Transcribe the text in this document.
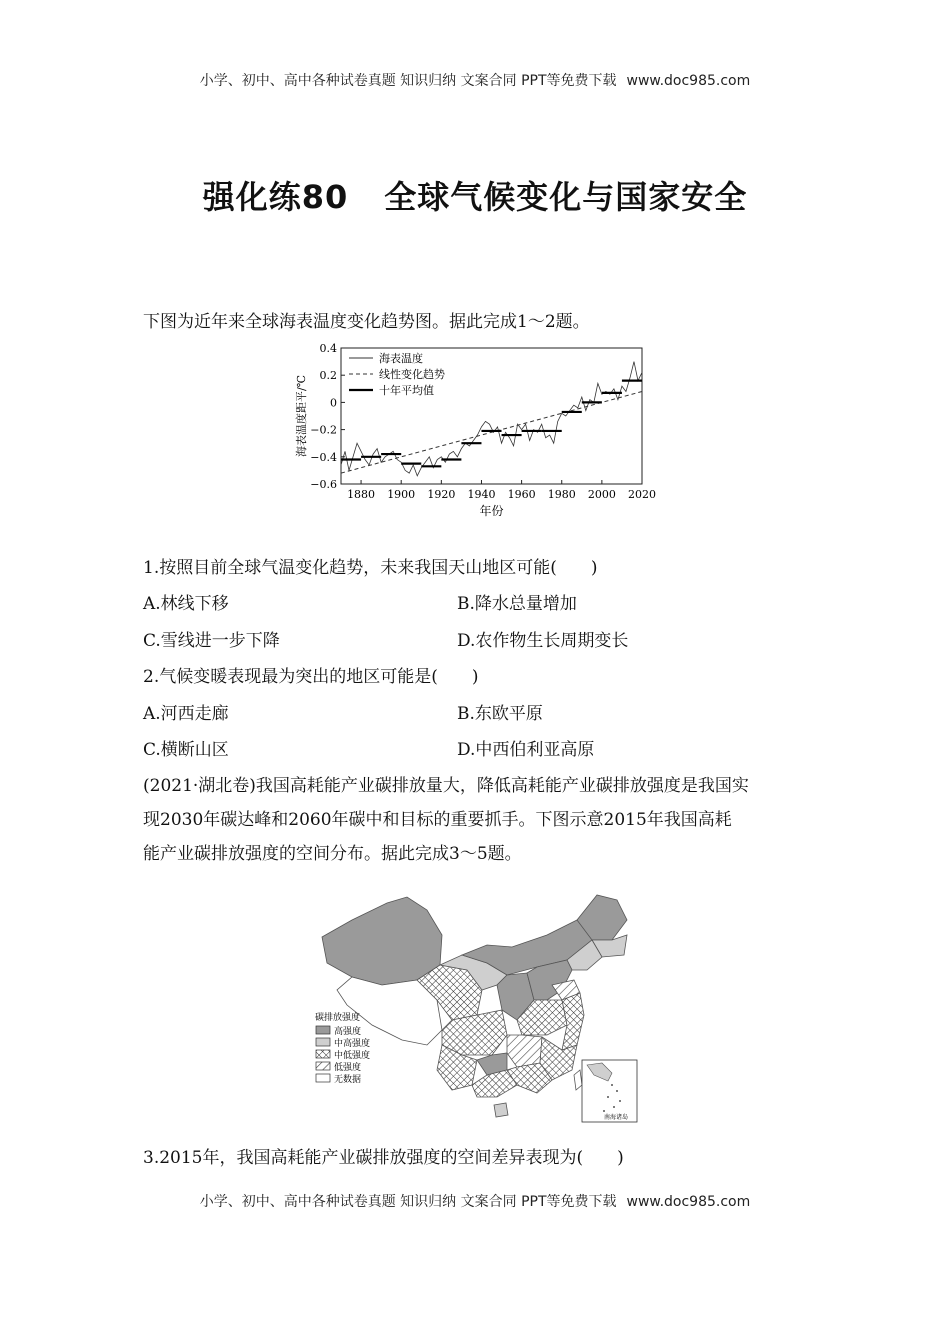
小学、初中、高中各种试卷真题 知识归纳 文案合同 PPT等免费下载 www.doc985.com
强化练80 全球气候变化与国家安全
下图为近年来全球海表温度变化趋势图。据此完成1～2题。
0.4
0.2
0
−0.2
−0.4
−0.6
1880 1900 1920 1940 1960 1980 2000 2020
年份
海表温度距平/℃
海表温度
线性变化趋势
十年平均值
1.按照目前全球气温变化趋势，未来我国天山地区可能(　　)
A.林线下移	B.降水总量增加
C.雪线进一步下降	D.农作物生长周期变长
2.气候变暖表现最为突出的地区可能是(　　)
A.河西走廊	B.东欧平原
C.横断山区	D.中西伯利亚高原
(2021·湖北卷)我国高耗能产业碳排放量大，降低高耗能产业碳排放强度是我国实
现2030年碳达峰和2060年碳中和目标的重要抓手。下图示意2015年我国高耗
能产业碳排放强度的空间分布。据此完成3～5题。
碳排放强度
高强度
中高强度
中低强度
低强度
无数据
南海诸岛
3.2015年，我国高耗能产业碳排放强度的空间差异表现为(　　)
小学、初中、高中各种试卷真题 知识归纳 文案合同 PPT等免费下载 www.doc985.com
